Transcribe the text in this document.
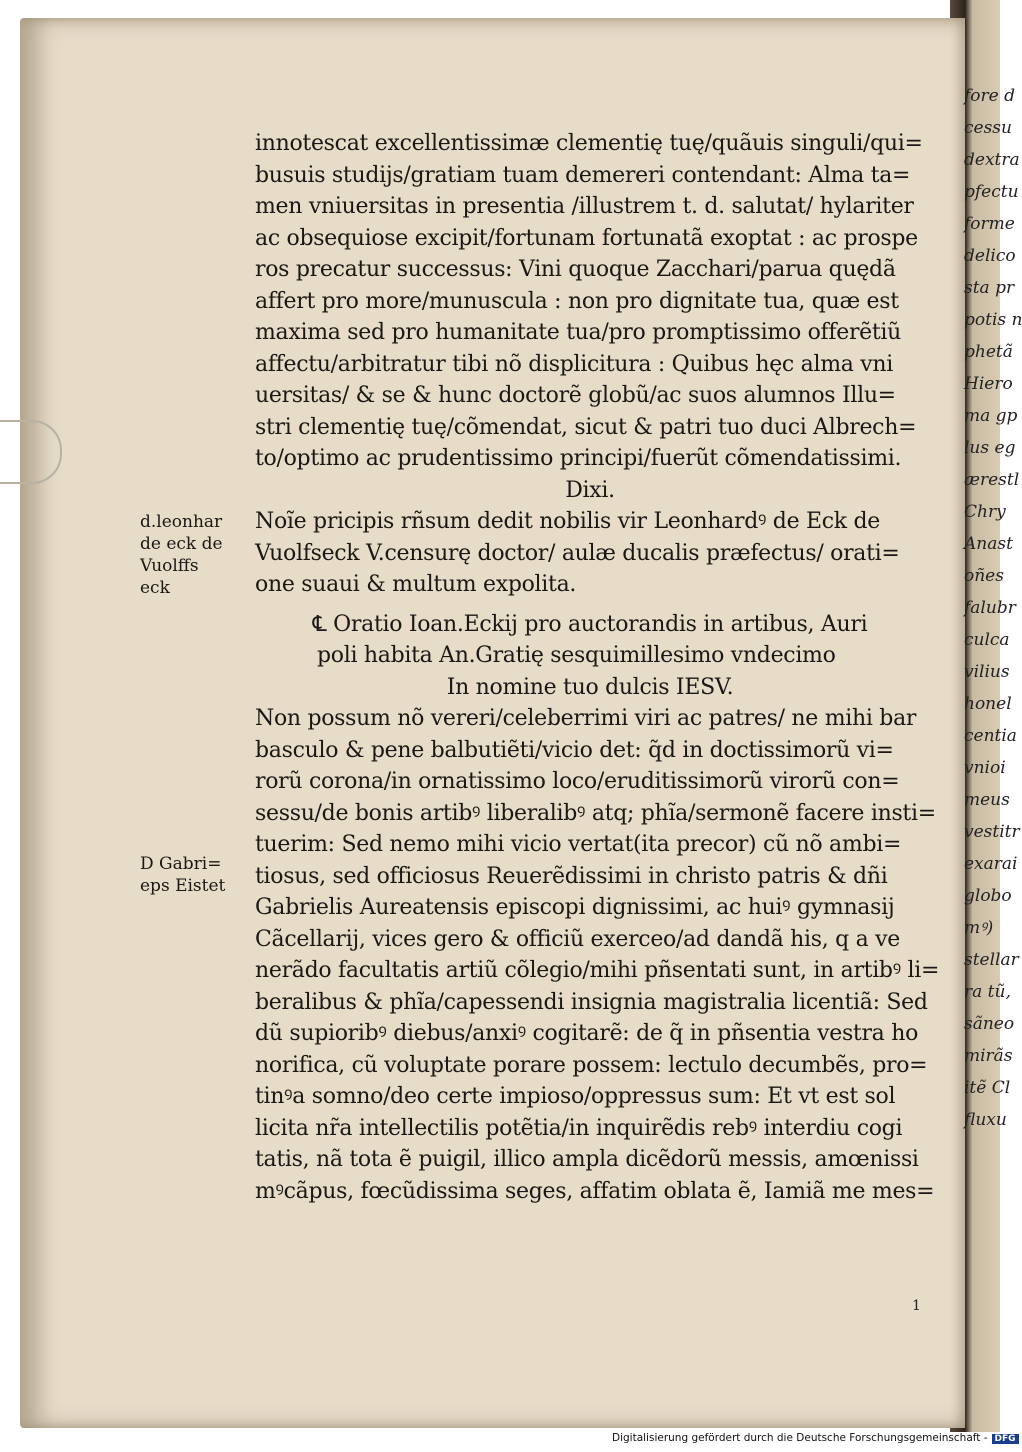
fore d
cessu
dextra
pfectu
forme
delico
sta pr
potis n
phetã
Hiero
ma gp
lus eg
ærestl
Chry
Anast
oñes
falubr
culca
vilius
honel
centia
vnioi
meus
vestitr
exarai
globo
mꝰ)
stellar
ra tũ,
sãneo
mirãs
itẽ Cl
fluxu
innotescat excellentissimæ clementię tuę/quãuis singuli/qui=
busuis studijs/gratiam tuam demereri contendant: Alma ta=
men vniuersitas in presentia /illustrem t. d. salutat/ hylariter
ac obsequiose excipit/fortunam fortunatã exoptat : ac prospe
ros precatur successus: Vini quoque Zacchari/parua quędã
affert pro more/munuscula : non pro dignitate tua, quæ est
maxima sed pro humanitate tua/pro promptissimo offerẽtiũ
affectu/arbitratur tibi nõ displicitura : Quibus hęc alma vni
uersitas/ & se & hunc doctorẽ globũ/ac suos alumnos Illu=
stri clementię tuę/cõmendat, sicut & patri tuo duci Albrech=
to/optimo ac prudentissimo principi/fuerũt cõmendatissimi.
Dixi.
Noĩe pricipis rñsum dedit nobilis vir Leonhardꝰ de Eck de
Vuolfseck V.censurę doctor/ aulæ ducalis præfectus/ orati=
one suaui & multum expolita.
℄ Oratio Ioan.Eckij pro auctorandis in artibus, Auri
poli habita An.Gratię sesquimillesimo vndecimo
In nomine tuo dulcis IESV.
Non possum nõ vereri/celeberrimi viri ac patres/ ne mihi bar
basculo & pene balbutiẽti/vicio det: q̃d in doctissimorũ vi=
rorũ corona/in ornatissimo loco/eruditissimorũ virorũ con=
sessu/de bonis artibꝰ liberalibꝰ atq; phĩa/sermonẽ facere insti=
tuerim: Sed nemo mihi vicio vertat(ita precor) cũ nõ ambi=
tiosus, sed officiosus Reuerẽdissimi in christo patris & dñi
Gabrielis Aureatensis episcopi dignissimi, ac huiꝰ gymnasij
Cãcellarij, vices gero & officiũ exerceo/ad dandã his, q a ve
nerãdo facultatis artiũ cõlegio/mihi pñsentati sunt, in artibꝰ li=
beralibus & phĩa/capessendi insignia magistralia licentiã: Sed
dũ supioribꝰ diebus/anxiꝰ cogitarẽ: de q̃ in pñsentia vestra ho
norifica, cũ voluptate porare possem: lectulo decumbẽs, pro=
tinꝰa somno/deo certe impioso/oppressus sum: Et vt est sol
licita nr̃a intellectilis potẽtia/in inquirẽdis rebꝰ interdiu cogi
tatis, nã tota ẽ puigil, illico ampla dicẽdorũ messis, amœnissi
mꝰcãpus, fœcũdissima seges, affatim oblata ẽ, Iamiã me mes=
d.leonhar
de eck de
Vuolffs
eck
D Gabri=
eps Eistet
1
Digitalisierung gefördert durch die Deutsche Forschungsgemeinschaft - DFG
